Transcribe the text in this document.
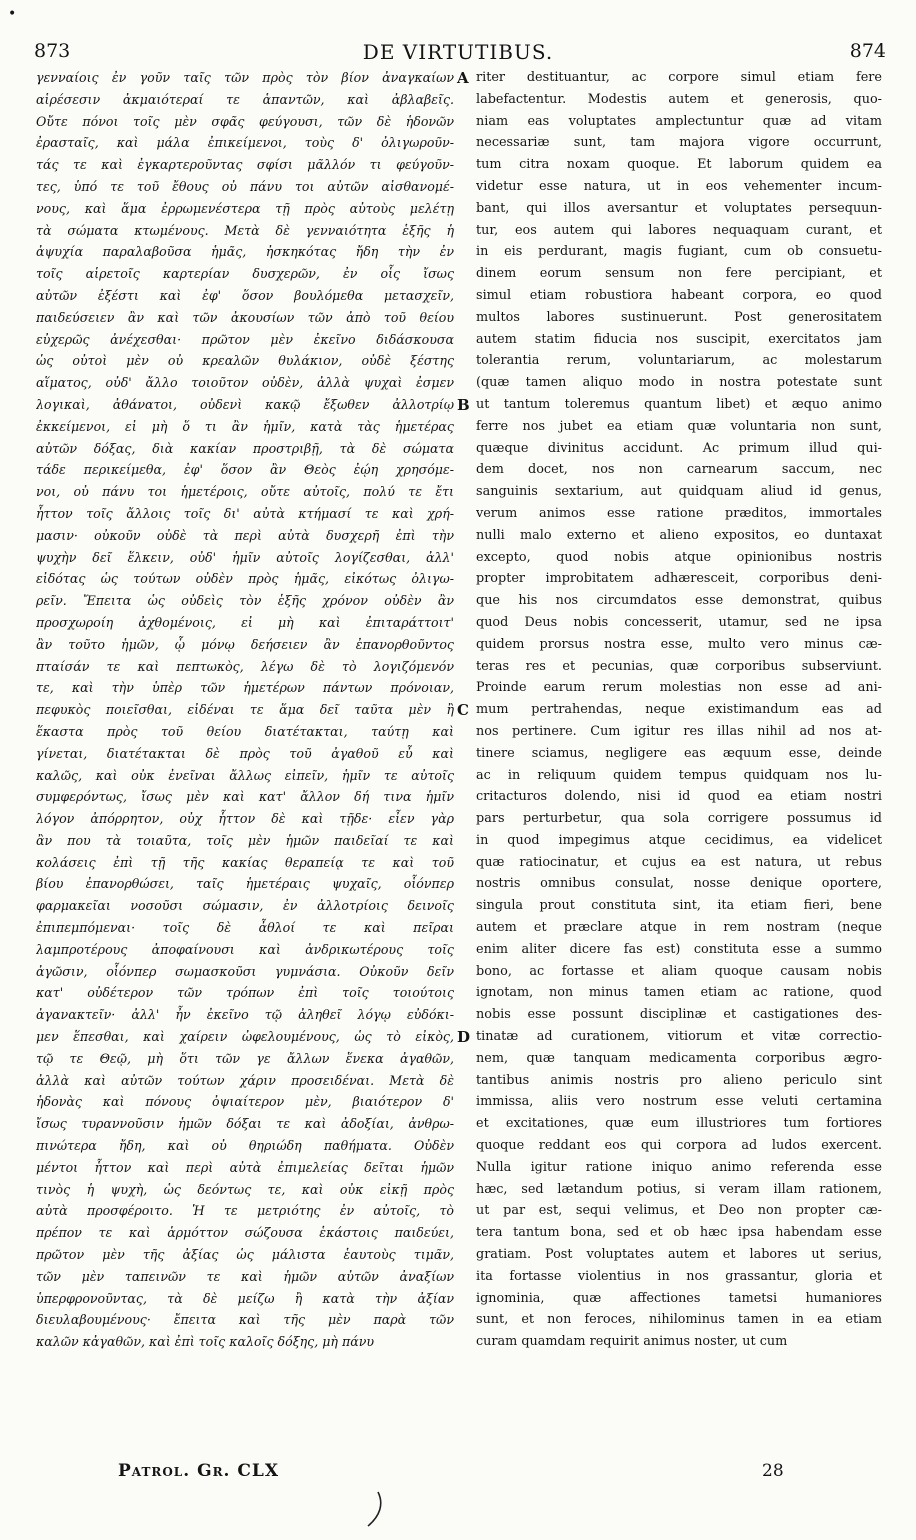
•
873	DE VIRTUTIBUS.	874
γενναίοις ἐν γοῦν ταῖς τῶν πρὸς τὸν βίον ἀναγκαίων
αἱρέσεσιν ἀκμαιότεραί τε ἁπαντῶν, καὶ ἀβλαβεῖς.
Οὔτε πόνοι τοῖς μὲν σφᾶς φεύγουσι, τῶν δὲ ἡδονῶν
ἐρασταῖς, καὶ μάλα ἐπικείμενοι, τοὺς δ' ὀλιγωροῦν-
τάς τε καὶ ἐγκαρτεροῦντας σφίσι μᾶλλόν τι φεύγοῦν-
τες, ὑπό τε τοῦ ἔθους οὐ πάνυ τοι αὐτῶν αἰσθανομέ-
νους, καὶ ἅμα ἐρρωμενέστερα τῇ πρὸς αὐτοὺς μελέτῃ
τὰ σώματα κτωμένους. Μετὰ δὲ γενναιότητα ἑξῆς ἡ
ἀψυχία παραλαβοῦσα ἡμᾶς, ἠσκηκότας ἤδη τὴν ἐν
τοῖς αἱρετοῖς καρτερίαν δυσχερῶν, ἐν οἷς ἴσως
αὐτῶν ἐξέστι καὶ ἐφ' ὅσον βουλόμεθα μετασχεῖν,
παιδεύσειεν ἂν καὶ τῶν ἀκουσίων τῶν ἀπὸ τοῦ θείου
εὐχερῶς ἀνέχεσθαι· πρῶτον μὲν ἐκεῖνο διδάσκουσα
ὡς οὐτοὶ μὲν οὐ κρεαλῶν θυλάκιον, οὐδὲ ξέστης
αἵματος, οὐδ' ἄλλο τοιοῦτον οὐδὲν, ἀλλὰ ψυχαὶ ἐσμεν
λογικαὶ, ἀθάνατοι, οὐδενὶ κακῷ ἔξωθεν ἀλλοτρίῳ
ἐκκείμενοι, εἰ μὴ ὅ τι ἂν ἡμῖν, κατὰ τὰς ἡμετέρας
αὐτῶν δόξας, διὰ κακίαν προστριβῇ, τὰ δὲ σώματα
τάδε περικείμεθα, ἐφ' ὅσον ἂν Θεὸς ἐῴη χρησόμε-
νοι, οὐ πάνυ τοι ἡμετέροις, οὔτε αὐτοῖς, πολύ τε ἔτι
ἧττον τοῖς ἄλλοις τοῖς δι' αὐτὰ κτήμασί τε καὶ χρή-
μασιν· οὐκοῦν οὐδὲ τὰ περὶ αὐτὰ δυσχερῆ ἐπὶ τὴν
ψυχὴν δεῖ ἕλκειν, οὐδ' ἡμῖν αὐτοῖς λογίζεσθαι, ἀλλ'
εἰδότας ὡς τούτων οὐδὲν πρὸς ἡμᾶς, εἰκότως ὀλιγω-
ρεῖν. Ἔπειτα ὡς οὐδεὶς τὸν ἑξῆς χρόνον οὐδὲν ἂν
προσχωροίη ἀχθομένοις, εἰ μὴ καὶ ἐπιταράττοιτ'
ἂν τοῦτο ἡμῶν, ᾧ μόνῳ δεήσειεν ἂν ἐπανορθοῦντος
πταίσάν τε καὶ πεπτωκὸς, λέγω δὲ τὸ λογιζόμενόν
τε, καὶ τὴν ὑπὲρ τῶν ἡμετέρων πάντων πρόνοιαν,
πεφυκὸς ποιεῖσθαι, εἰδέναι τε ἅμα δεῖ ταῦτα μὲν ἢ
ἕκαστα πρὸς τοῦ θείου διατέτακται, ταύτῃ καὶ
γίνεται, διατέτακται δὲ πρὸς τοῦ ἀγαθοῦ εὖ καὶ
καλῶς, καὶ οὐκ ἐνεῖναι ἄλλως εἰπεῖν, ἡμῖν τε αὐτοῖς
συμφερόντως, ἴσως μὲν καὶ κατ' ἄλλον δή τινα ἡμῖν
λόγον ἀπόρρητον, οὐχ ἧττον δὲ καὶ τῇδε· εἶεν γὰρ
ἂν που τὰ τοιαῦτα, τοῖς μὲν ἡμῶν παιδεῖαί τε καὶ
κολάσεις ἐπὶ τῇ τῆς κακίας θεραπείᾳ τε καὶ τοῦ
βίου ἐπανορθώσει, ταῖς ἡμετέραις ψυχαῖς, οἷόνπερ
φαρμακεῖαι νοσοῦσι σώμασιν, ἐν ἀλλοτρίοις δεινοῖς
ἐπιπεμπόμεναι· τοῖς δὲ ἆθλοί τε καὶ πεῖραι
λαμπροτέρους ἀποφαίνουσι καὶ ἀνδρικωτέρους τοῖς
ἀγῶσιν, οἷόνπερ σωμασκοῦσι γυμνάσια. Οὐκοῦν δεῖν
κατ' οὐδέτερον τῶν τρόπων ἐπὶ τοῖς τοιούτοις
ἀγανακτεῖν· ἀλλ' ἦν ἐκεῖνο τῷ ἀληθεῖ λόγῳ εὐδόκι-
μεν ἕπεσθαι, καὶ χαίρειν ὠφελουμένους, ὡς τὸ εἰκὸς,
τῷ τε Θεῷ, μὴ ὅτι τῶν γε ἄλλων ἕνεκα ἀγαθῶν,
ἀλλὰ καὶ αὐτῶν τούτων χάριν προσειδέναι. Μετὰ δὲ
ἡδονὰς καὶ πόνους ὀψιαίτερον μὲν, βιαιότερον δ'
ἴσως τυραννοῦσιν ἡμῶν δόξαι τε καὶ ἀδοξίαι, ἀνθρω-
πινώτερα ἤδη, καὶ οὐ θηριώδη παθήματα. Οὐδὲν
μέντοι ἧττον καὶ περὶ αὐτὰ ἐπιμελείας δεῖται ἡμῶν
τινὸς ἡ ψυχὴ, ὡς δεόντως τε, καὶ οὐκ εἰκῇ πρὸς
αὐτὰ προσφέροιτο. Ἡ τε μετριότης ἐν αὐτοῖς, τὸ
πρέπον τε καὶ ἁρμόττον σώζουσα ἑκάστοις παιδεύει,
πρῶτον μὲν τῆς ἀξίας ὡς μάλιστα ἑαυτοὺς τιμᾶν,
τῶν μὲν ταπεινῶν τε καὶ ἡμῶν αὐτῶν ἀναξίων
ὑπερφρονοῦντας, τὰ δὲ μείζω ἢ κατὰ τὴν ἀξίαν
διευλαβουμένους· ἔπειτα καὶ τῆς μὲν παρὰ τῶν
καλῶν κἀγαθῶν, καὶ ἐπὶ τοῖς καλοῖς δόξης, μὴ πάνυ
A
B
C
D
riter destituantur, ac corpore simul etiam fere
labefactentur. Modestis autem et generosis, quo-
niam eas voluptates amplectuntur quæ ad vitam
necessariæ sunt, tam majora vigore occurrunt,
tum citra noxam quoque. Et laborum quidem ea
videtur esse natura, ut in eos vehementer incum-
bant, qui illos aversantur et voluptates persequun-
tur, eos autem qui labores nequaquam curant, et
in eis perdurant, magis fugiant, cum ob consuetu-
dinem eorum sensum non fere percipiant, et
simul etiam robustiora habeant corpora, eo quod
multos labores sustinuerunt. Post generositatem
autem statim fiducia nos suscipit, exercitatos jam
tolerantia rerum, voluntariarum, ac molestarum
(quæ tamen aliquo modo in nostra potestate sunt
ut tantum toleremus quantum libet) et æquo animo
ferre nos jubet ea etiam quæ voluntaria non sunt,
quæque divinitus accidunt. Ac primum illud qui-
dem docet, nos non carnearum saccum, nec
sanguinis sextarium, aut quidquam aliud id genus,
verum animos esse ratione præditos, immortales
nulli malo externo et alieno expositos, eo duntaxat
excepto, quod nobis atque opinionibus nostris
propter improbitatem adhæresceit, corporibus deni-
que his nos circumdatos esse demonstrat, quibus
quod Deus nobis concesserit, utamur, sed ne ipsa
quidem prorsus nostra esse, multo vero minus cæ-
teras res et pecunias, quæ corporibus subserviunt.
Proinde earum rerum molestias non esse ad ani-
mum pertrahendas, neque existimandum eas ad
nos pertinere. Cum igitur res illas nihil ad nos at-
tinere sciamus, negligere eas æquum esse, deinde
ac in reliquum quidem tempus quidquam nos lu-
critacturos dolendo, nisi id quod ea etiam nostri
pars perturbetur, qua sola corrigere possumus id
in quod impegimus atque cecidimus, ea videlicet
quæ ratiocinatur, et cujus ea est natura, ut rebus
nostris omnibus consulat, nosse denique oportere,
singula prout constituta sint, ita etiam fieri, bene
autem et præclare atque in rem nostram (neque
enim aliter dicere fas est) constituta esse a summo
bono, ac fortasse et aliam quoque causam nobis
ignotam, non minus tamen etiam ac ratione, quod
nobis esse possunt disciplinæ et castigationes des-
tinatæ ad curationem, vitiorum et vitæ correctio-
nem, quæ tanquam medicamenta corporibus ægro-
tantibus animis nostris pro alieno periculo sint
immissa, aliis vero nostrum esse veluti certamina
et excitationes, quæ eum illustriores tum fortiores
quoque reddant eos qui corpora ad ludos exercent.
Nulla igitur ratione iniquo animo referenda esse
hæc, sed lætandum potius, si veram illam rationem,
ut par est, sequi velimus, et Deo non propter cæ-
tera tantum bona, sed et ob hæc ipsa habendam esse
gratiam. Post voluptates autem et labores ut serius,
ita fortasse violentius in nos grassantur, gloria et
ignominia, quæ affectiones tametsi humaniores
sunt, et non feroces, nihilominus tamen in ea etiam
curam quamdam requirit animus noster, ut cum
Patrol. Gr. CLX	28
